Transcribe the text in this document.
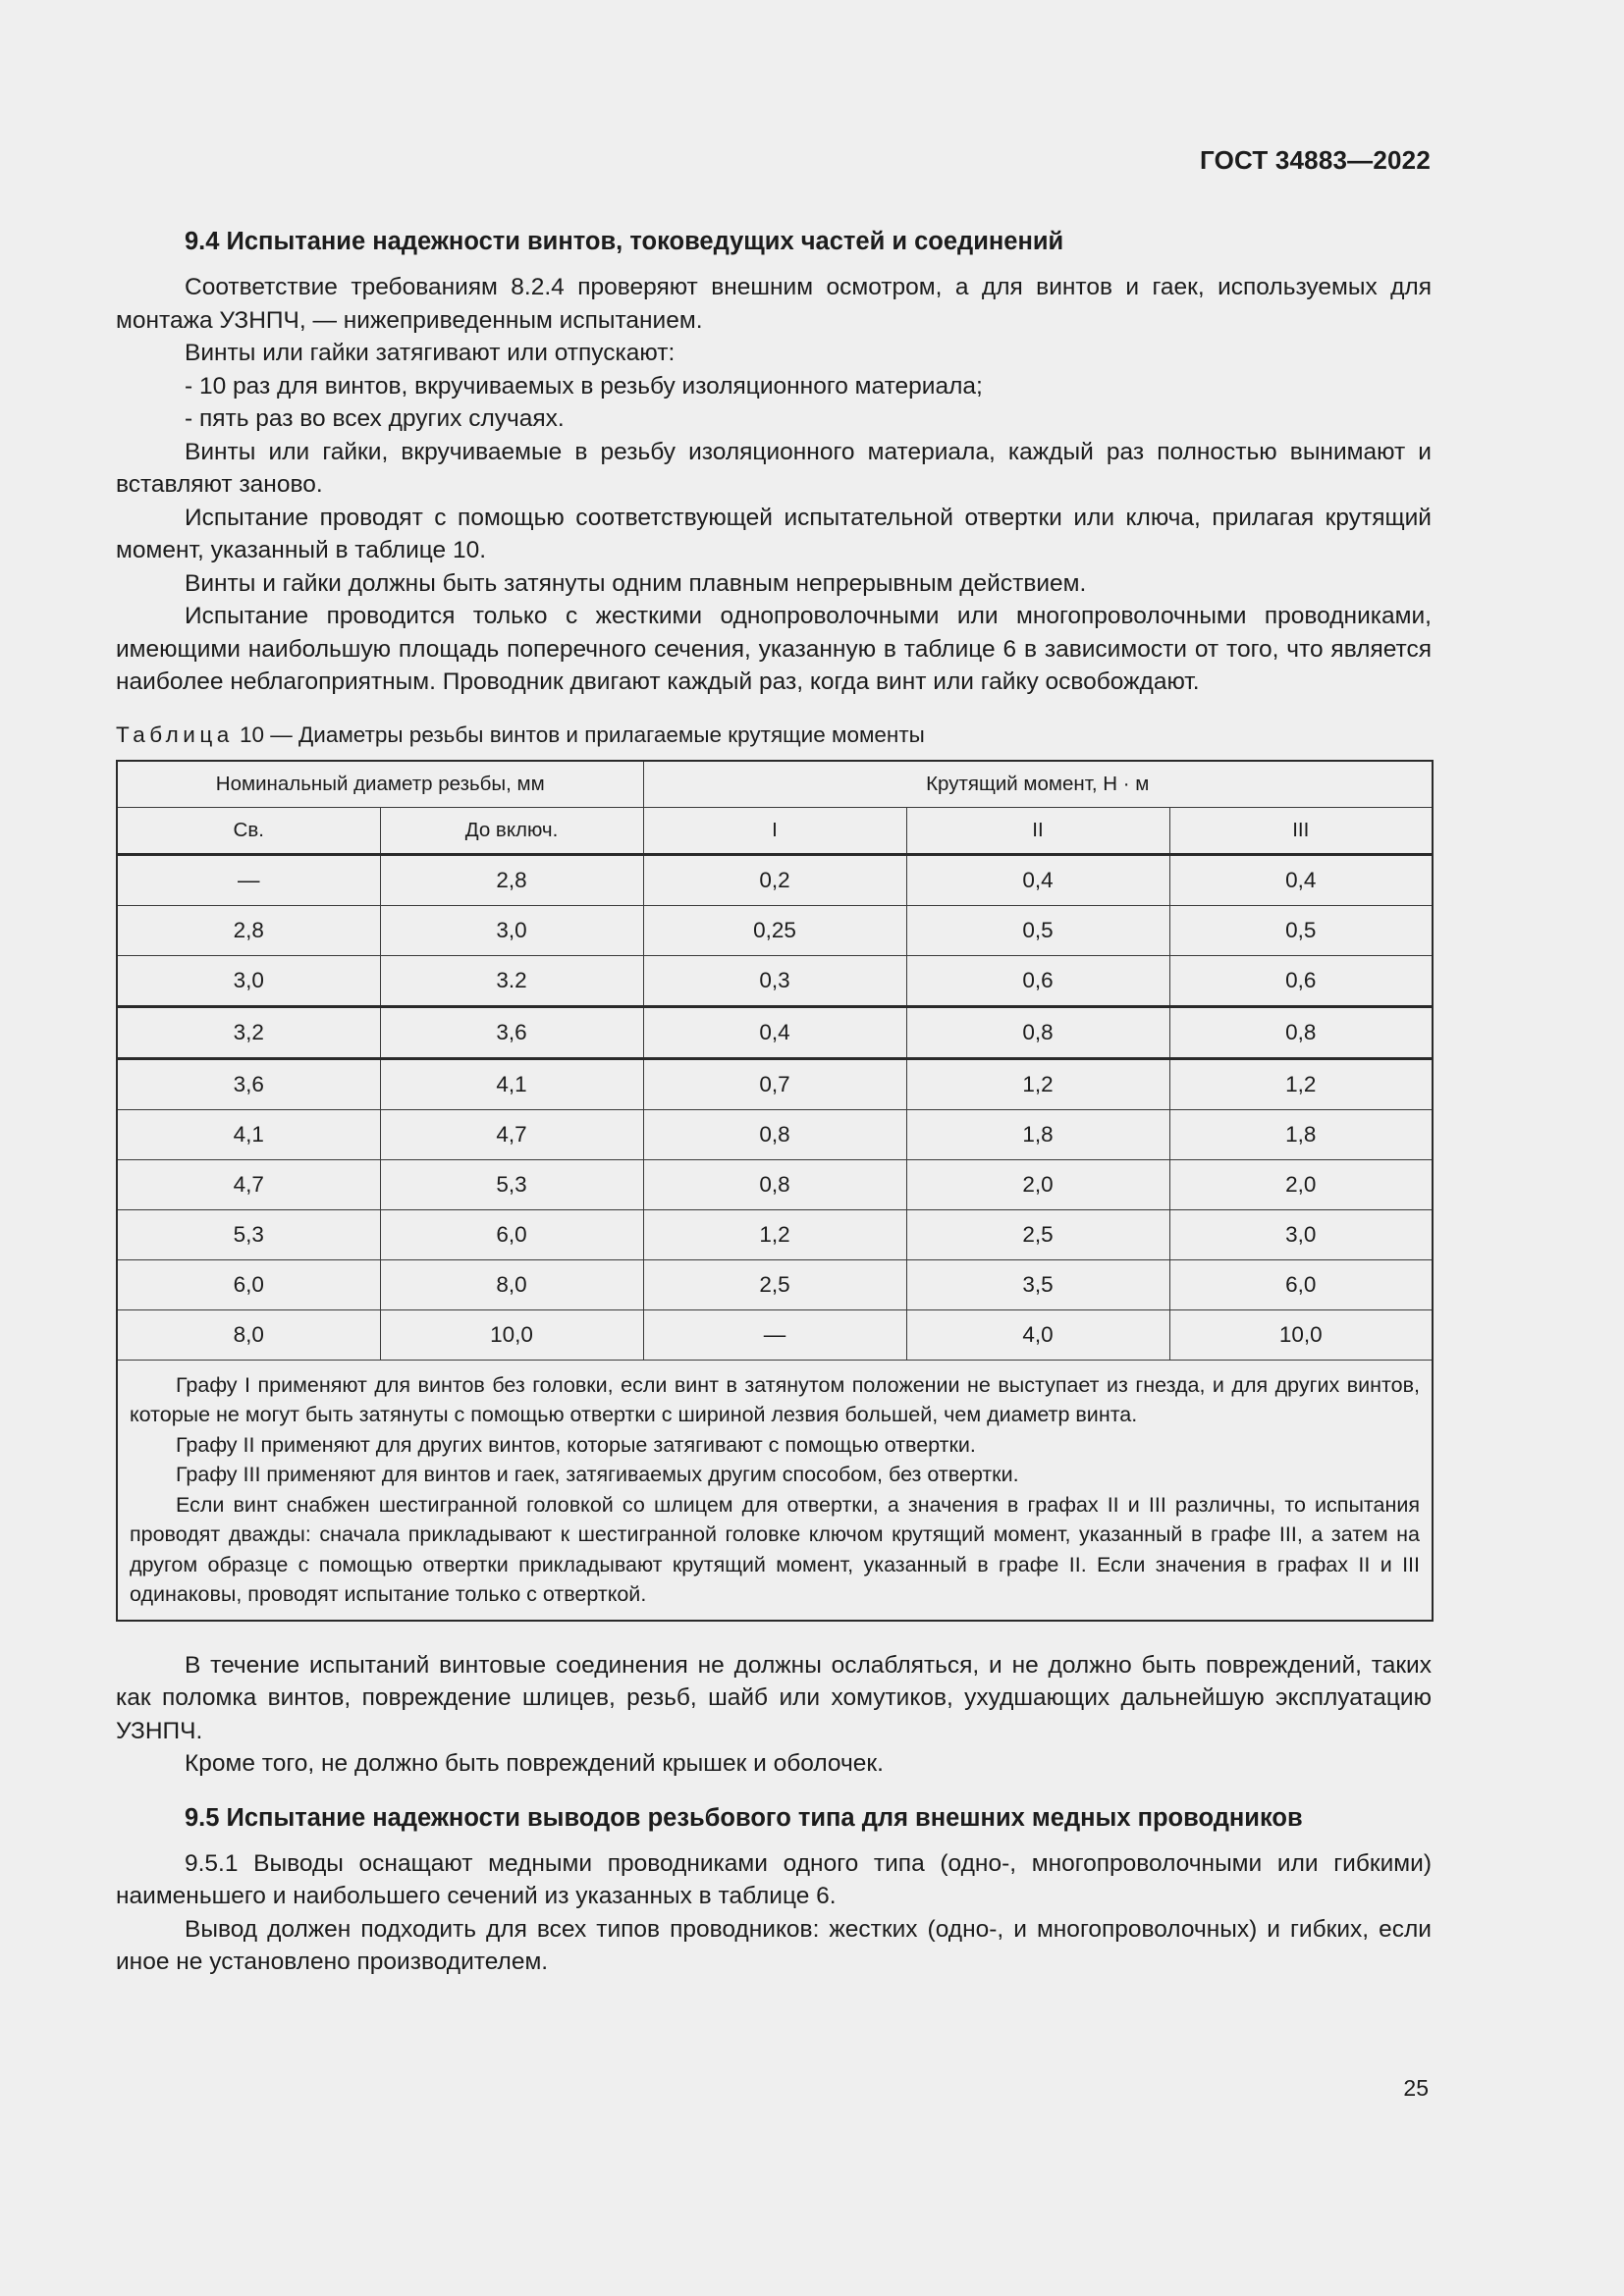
ГОСТ 34883—2022
9.4 Испытание надежности винтов, токоведущих частей и соединений

Соответствие требованиям 8.2.4 проверяют внешним осмотром, а для винтов и гаек, используемых для монтажа УЗНПЧ, — нижеприведенным испытанием.

Винты или гайки затягивают или отпускают:

- 10 раз для винтов, вкручиваемых в резьбу изоляционного материала;

- пять раз во всех других случаях.

Винты или гайки, вкручиваемые в резьбу изоляционного материала, каждый раз полностью вынимают и вставляют заново.

Испытание проводят с помощью соответствующей испытательной отвертки или ключа, прилагая крутящий момент, указанный в таблице 10.

Винты и гайки должны быть затянуты одним плавным непрерывным действием.

Испытание проводится только с жесткими однопроволочными или многопроволочными проводниками, имеющими наибольшую площадь поперечного сечения, указанную в таблице 6 в зависимости от того, что является наиболее неблагоприятным. Проводник двигают каждый раз, когда винт или гайку освобождают.

Таблица 10 — Диаметры резьбы винтов и прилагаемые крутящие моменты
Номинальный диаметр резьбы, мм		Крутящий момент, Н · м		
Св.	До включ.	I	II	III
—	2,8	0,2	0,4	0,4
2,8	3,0	0,25	0,5	0,5
3,0	3.2	0,3	0,6	0,6
3,2	3,6	0,4	0,8	0,8
3,6	4,1	0,7	1,2	1,2
4,1	4,7	0,8	1,8	1,8
4,7	5,3	0,8	2,0	2,0
5,3	6,0	1,2	2,5	3,0
6,0	8,0	2,5	3,5	6,0
8,0	10,0	—	4,0	10,0

Графу I применяют для винтов без головки, если винт в затянутом положении не выступает из гнезда, и для других винтов, которые не могут быть затянуты с помощью отвертки с шириной лезвия большей, чем диаметр винта.

Графу II применяют для других винтов, которые затягивают с помощью отвертки.

Графу III применяют для винтов и гаек, затягиваемых другим способом, без отвертки.

Если винт снабжен шестигранной головкой со шлицем для отвертки, а значения в графах II и III различны, то испытания проводят дважды: сначала прикладывают к шестигранной головке ключом крутящий момент, указанный в графе III, а затем на другом образце с помощью отвертки прикладывают крутящий момент, указанный в графе II. Если значения в графах II и III одинаковы, проводят испытание только с отверткой.				

В течение испытаний винтовые соединения не должны ослабляться, и не должно быть повреждений, таких как поломка винтов, повреждение шлицев, резьб, шайб или хомутиков, ухудшающих дальнейшую эксплуатацию УЗНПЧ.

Кроме того, не должно быть повреждений крышек и оболочек.

9.5 Испытание надежности выводов резьбового типа для внешних медных проводников

9.5.1 Выводы оснащают медными проводниками одного типа (одно-, многопроволочными или гибкими) наименьшего и наибольшего сечений из указанных в таблице 6.

Вывод должен подходить для всех типов проводников: жестких (одно-, и многопроволочных) и гибких, если иное не установлено производителем.

25
